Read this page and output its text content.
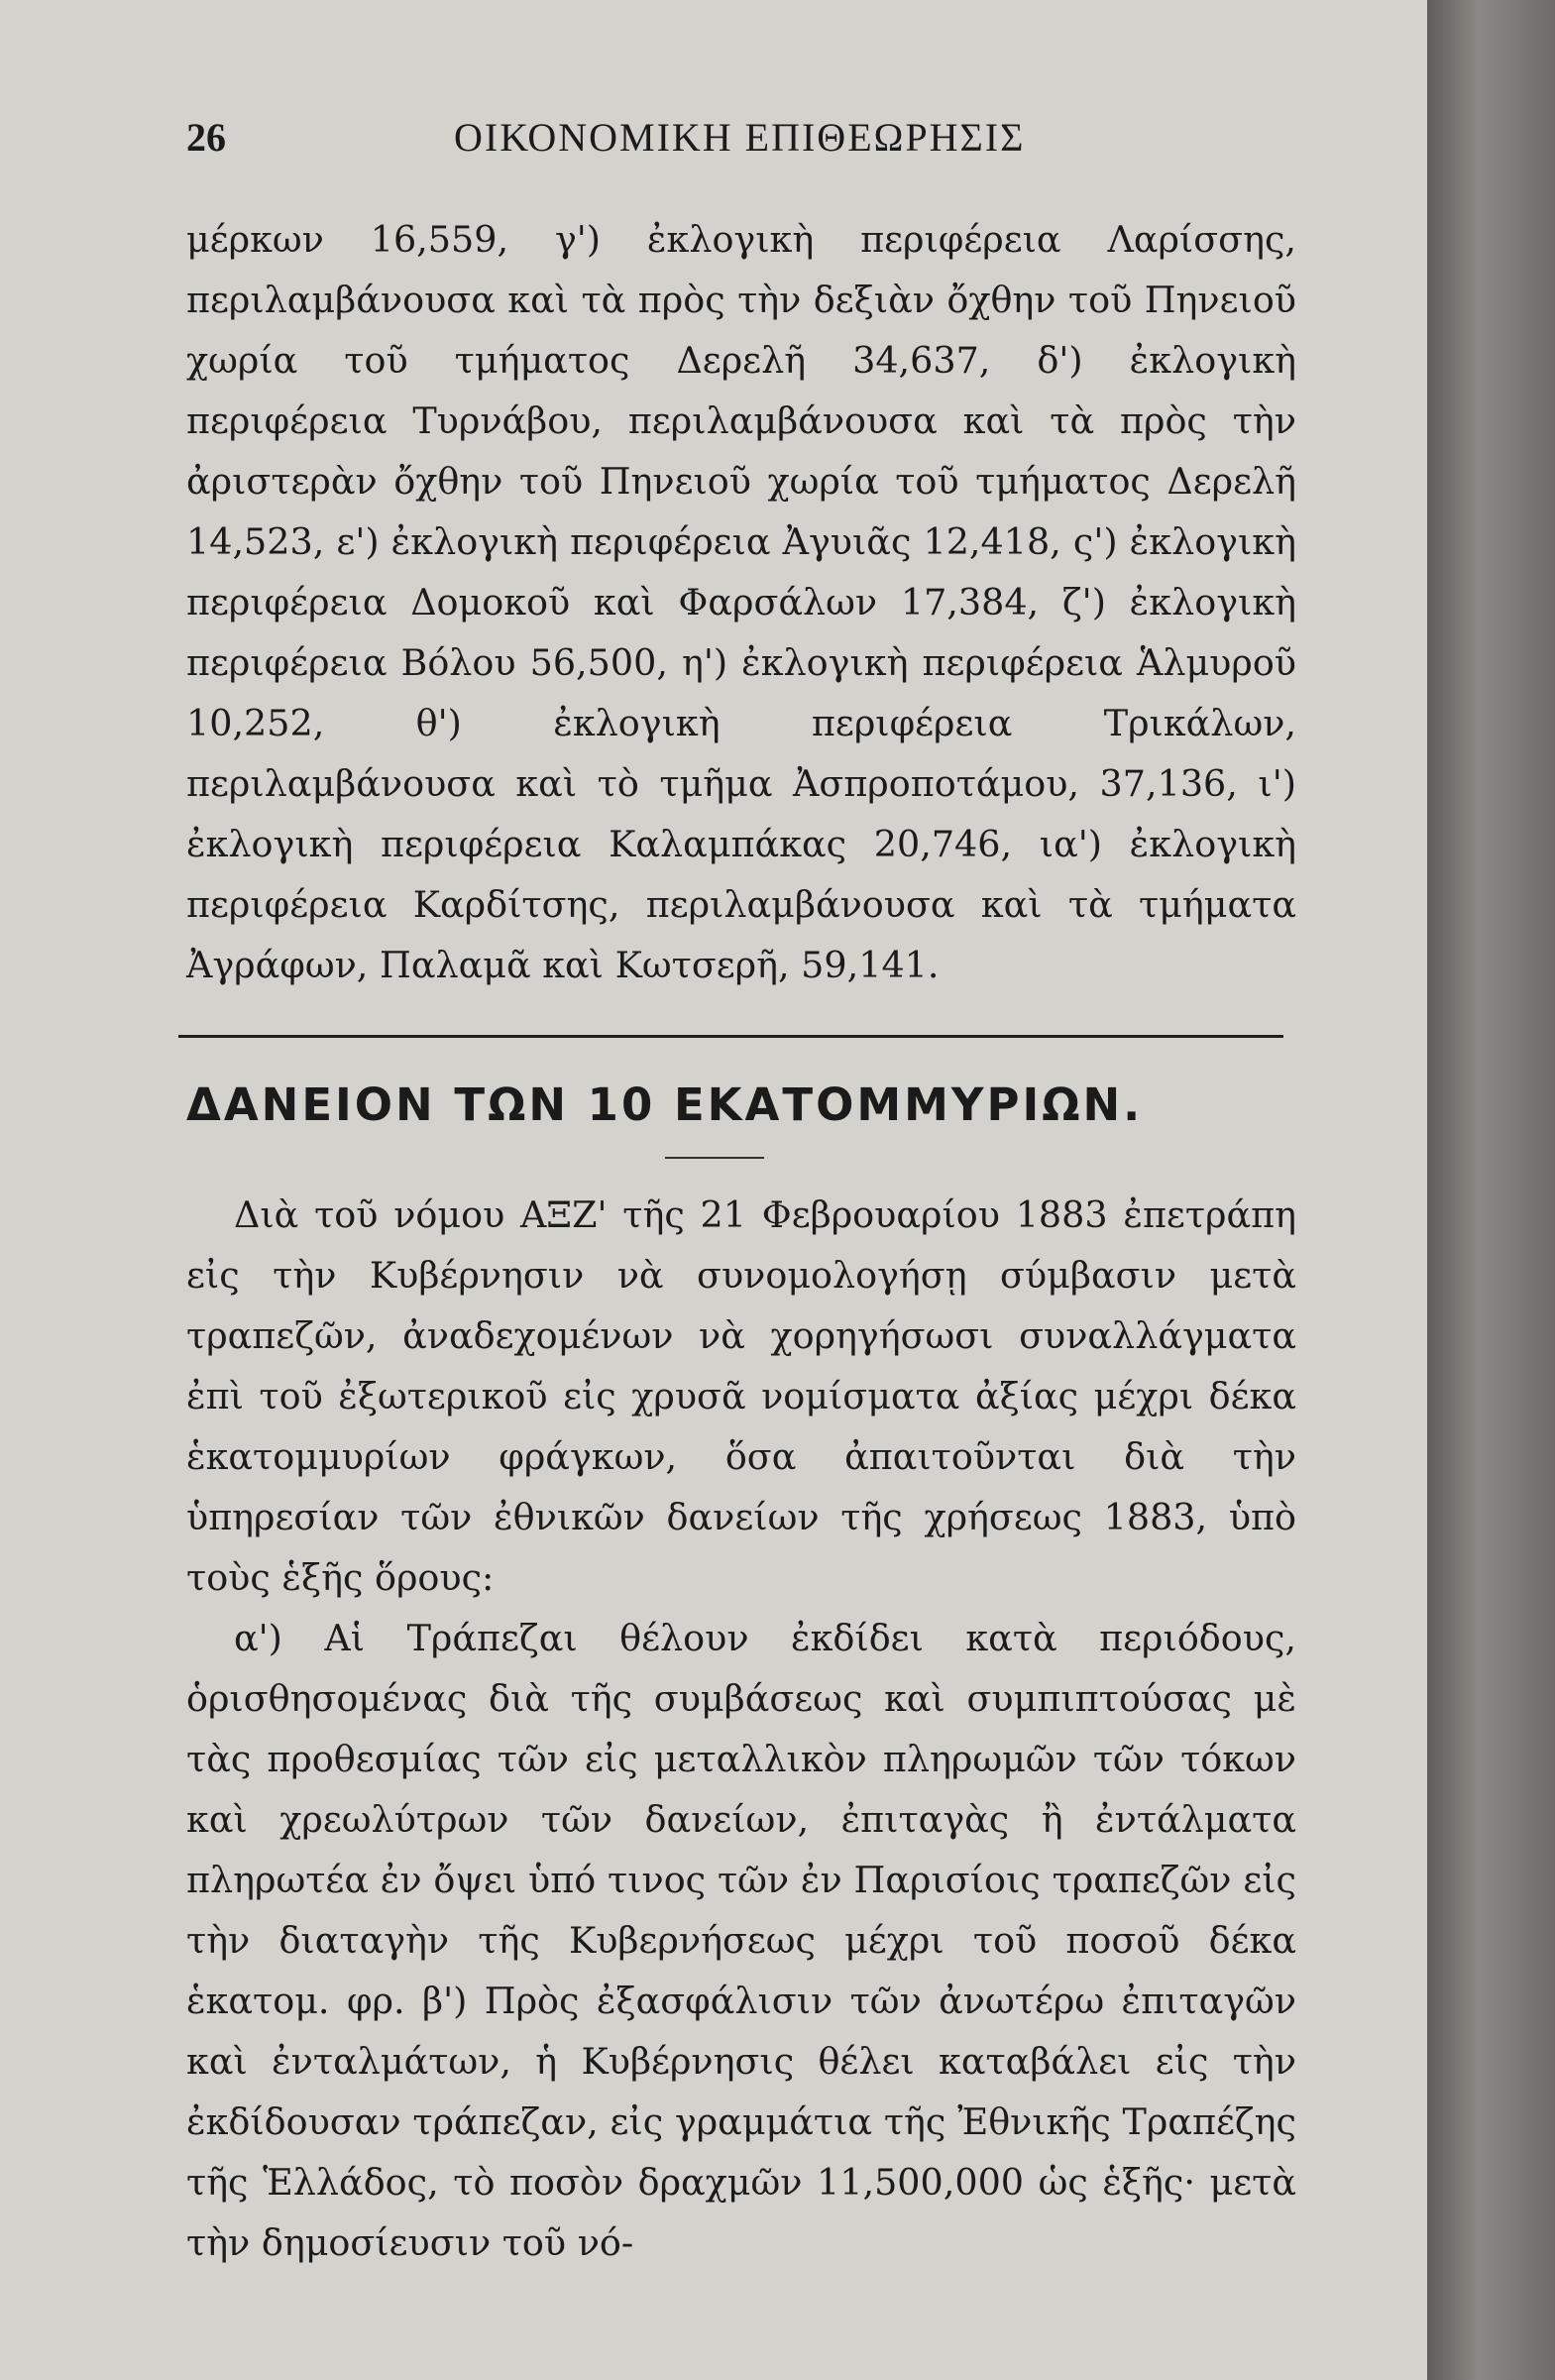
26	ΟΙΚΟΝΟΜΙΚΗ ΕΠΙΘΕΩΡΗΣΙΣ

μέρκων 16,559, γ') ἐκλογικὴ περιφέρεια Λαρίσσης, περιλαμβάνουσα καὶ τὰ πρὸς τὴν δεξιὰν ὄχθην τοῦ Πηνειοῦ χωρία τοῦ τμήματος Δερελῆ 34,637, δ') ἐκλογικὴ περιφέρεια Τυρνάβου, περιλαμβάνουσα καὶ τὰ πρὸς τὴν ἀριστερὰν ὄχθην τοῦ Πηνειοῦ χωρία τοῦ τμήματος Δερελῆ 14,523, ε') ἐκλογικὴ περιφέρεια Ἀγυιᾶς 12,418, ς') ἐκλογικὴ περιφέρεια Δομοκοῦ καὶ Φαρσάλων 17,384, ζ') ἐκλογικὴ περιφέρεια Βόλου 56,500, η') ἐκλογικὴ περιφέρεια Ἁλμυροῦ 10,252, θ') ἐκλογικὴ περιφέρεια Τρικάλων, περιλαμβάνουσα καὶ τὸ τμῆμα Ἀσπροποτάμου, 37,136, ι') ἐκλογικὴ περιφέρεια Καλαμπάκας 20,746, ια') ἐκλογικὴ περιφέρεια Καρδίτσης, περιλαμβάνουσα καὶ τὰ τμήματα Ἀγράφων, Παλαμᾶ καὶ Κωτσερῆ, 59,141.

ΔΑΝΕΙΟΝ ΤΩΝ 10 ΕΚΑΤΟΜΜΥΡΙΩΝ.

Διὰ τοῦ νόμου ΑΞΖ' τῆς 21 Φεβρουαρίου 1883 ἐπετράπη εἰς τὴν Κυβέρνησιν νὰ συνομολογήσῃ σύμβασιν μετὰ τραπεζῶν, ἀναδεχομένων νὰ χορηγήσωσι συναλλάγματα ἐπὶ τοῦ ἐξωτερικοῦ εἰς χρυσᾶ νομίσματα ἀξίας μέχρι δέκα ἑκατομμυρίων φράγκων, ὅσα ἀπαιτοῦνται διὰ τὴν ὑπηρεσίαν τῶν ἐθνικῶν δανείων τῆς χρήσεως 1883, ὑπὸ τοὺς ἑξῆς ὅρους:

α') Αἱ Τράπεζαι θέλουν ἐκδίδει κατὰ περιόδους, ὁρισθησομένας διὰ τῆς συμβάσεως καὶ συμπιπτούσας μὲ τὰς προθεσμίας τῶν εἰς μεταλλικὸν πληρωμῶν τῶν τόκων καὶ χρεωλύτρων τῶν δανείων, ἐπιταγὰς ἢ ἐντάλματα πληρωτέα ἐν ὄψει ὑπό τινος τῶν ἐν Παρισίοις τραπεζῶν εἰς τὴν διαταγὴν τῆς Κυβερνήσεως μέχρι τοῦ ποσοῦ δέκα ἑκατομ. φρ. β') Πρὸς ἐξασφάλισιν τῶν ἀνωτέρω ἐπιταγῶν καὶ ἐνταλμάτων, ἡ Κυβέρνησις θέλει καταβάλει εἰς τὴν ἐκδίδουσαν τράπεζαν, εἰς γραμμάτια τῆς Ἐθνικῆς Τραπέζης τῆς Ἑλλάδος, τὸ ποσὸν δραχμῶν 11,500,000 ὡς ἑξῆς· μετὰ τὴν δημοσίευσιν τοῦ νό-
